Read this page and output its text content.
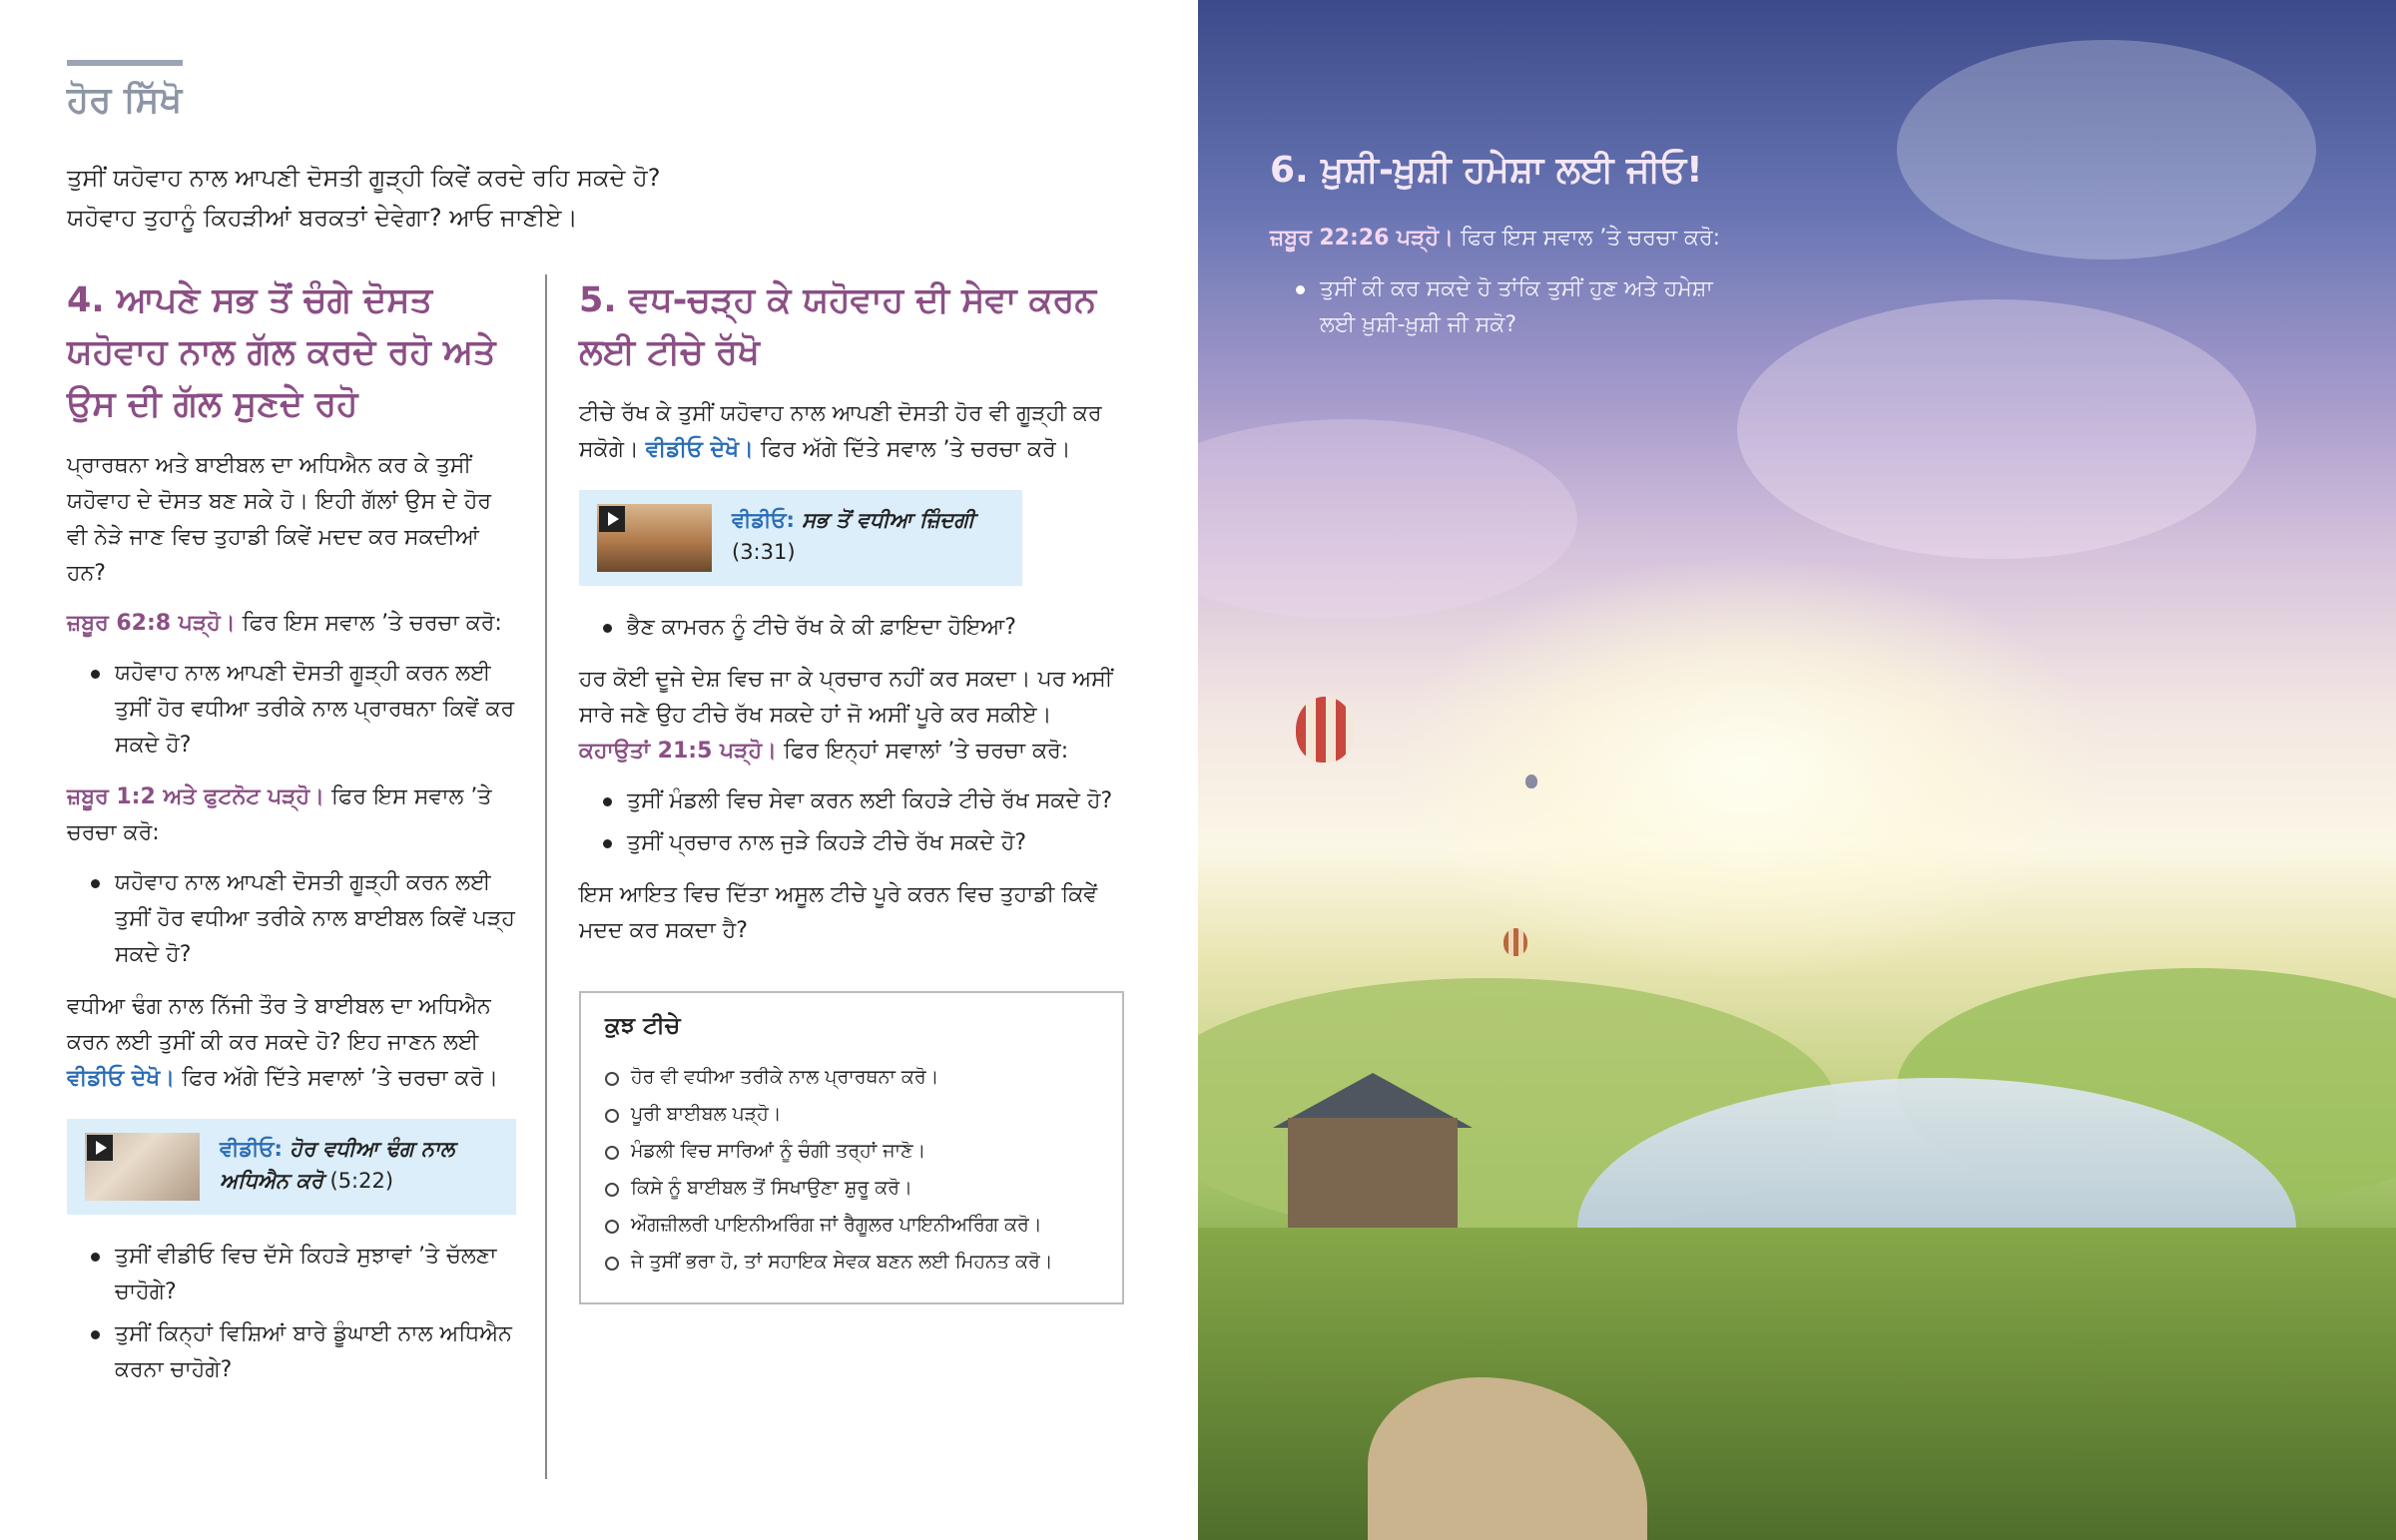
ਹੋਰ ਸਿੱਖੋ
ਤੁਸੀਂ ਯਹੋਵਾਹ ਨਾਲ ਆਪਣੀ ਦੋਸਤੀ ਗੂੜ੍ਹੀ ਕਿਵੇਂ ਕਰਦੇ ਰਹਿ ਸਕਦੇ ਹੋ?
ਯਹੋਵਾਹ ਤੁਹਾਨੂੰ ਕਿਹੜੀਆਂ ਬਰਕਤਾਂ ਦੇਵੇਗਾ? ਆਓ ਜਾਣੀਏ।
4. ਆਪਣੇ ਸਭ ਤੋਂ ਚੰਗੇ ਦੋਸਤ ਯਹੋਵਾਹ ਨਾਲ ਗੱਲ ਕਰਦੇ ਰਹੋ ਅਤੇ ਉਸ ਦੀ ਗੱਲ ਸੁਣਦੇ ਰਹੋ

ਪ੍ਰਾਰਥਨਾ ਅਤੇ ਬਾਈਬਲ ਦਾ ਅਧਿਐਨ ਕਰ ਕੇ ਤੁਸੀਂ ਯਹੋਵਾਹ ਦੇ ਦੋਸਤ ਬਣ ਸਕੇ ਹੋ। ਇਹੀ ਗੱਲਾਂ ਉਸ ਦੇ ਹੋਰ ਵੀ ਨੇੜੇ ਜਾਣ ਵਿਚ ਤੁਹਾਡੀ ਕਿਵੇਂ ਮਦਦ ਕਰ ਸਕਦੀਆਂ ਹਨ?

ਜ਼ਬੂਰ 62:8 ਪੜ੍ਹੋ। ਫਿਰ ਇਸ ਸਵਾਲ ’ਤੇ ਚਰਚਾ ਕਰੋ:

ਯਹੋਵਾਹ ਨਾਲ ਆਪਣੀ ਦੋਸਤੀ ਗੂੜ੍ਹੀ ਕਰਨ ਲਈ ਤੁਸੀਂ ਹੋਰ ਵਧੀਆ ਤਰੀਕੇ ਨਾਲ ਪ੍ਰਾਰਥਨਾ ਕਿਵੇਂ ਕਰ ਸਕਦੇ ਹੋ?

ਜ਼ਬੂਰ 1:2 ਅਤੇ ਫੁਟਨੋਟ ਪੜ੍ਹੋ। ਫਿਰ ਇਸ ਸਵਾਲ ’ਤੇ ਚਰਚਾ ਕਰੋ:

ਯਹੋਵਾਹ ਨਾਲ ਆਪਣੀ ਦੋਸਤੀ ਗੂੜ੍ਹੀ ਕਰਨ ਲਈ ਤੁਸੀਂ ਹੋਰ ਵਧੀਆ ਤਰੀਕੇ ਨਾਲ ਬਾਈਬਲ ਕਿਵੇਂ ਪੜ੍ਹ ਸਕਦੇ ਹੋ?

ਵਧੀਆ ਢੰਗ ਨਾਲ ਨਿੱਜੀ ਤੌਰ ਤੇ ਬਾਈਬਲ ਦਾ ਅਧਿਐਨ ਕਰਨ ਲਈ ਤੁਸੀਂ ਕੀ ਕਰ ਸਕਦੇ ਹੋ? ਇਹ ਜਾਣਨ ਲਈ ਵੀਡੀਓ ਦੇਖੋ। ਫਿਰ ਅੱਗੇ ਦਿੱਤੇ ਸਵਾਲਾਂ ’ਤੇ ਚਰਚਾ ਕਰੋ।

ਵੀਡੀਓ: ਹੋਰ ਵਧੀਆ ਢੰਗ ਨਾਲ ਅਧਿਐਨ ਕਰੋ (5:22)
ਤੁਸੀਂ ਵੀਡੀਓ ਵਿਚ ਦੱਸੇ ਕਿਹੜੇ ਸੁਝਾਵਾਂ ’ਤੇ ਚੱਲਣਾ ਚਾਹੋਗੇ?
ਤੁਸੀਂ ਕਿਨ੍ਹਾਂ ਵਿਸ਼ਿਆਂ ਬਾਰੇ ਡੂੰਘਾਈ ਨਾਲ ਅਧਿਐਨ ਕਰਨਾ ਚਾਹੋਗੇ?
5. ਵਧ-ਚੜ੍ਹ ਕੇ ਯਹੋਵਾਹ ਦੀ ਸੇਵਾ ਕਰਨ ਲਈ ਟੀਚੇ ਰੱਖੋ

ਟੀਚੇ ਰੱਖ ਕੇ ਤੁਸੀਂ ਯਹੋਵਾਹ ਨਾਲ ਆਪਣੀ ਦੋਸਤੀ ਹੋਰ ਵੀ ਗੂੜ੍ਹੀ ਕਰ ਸਕੋਗੇ। ਵੀਡੀਓ ਦੇਖੋ। ਫਿਰ ਅੱਗੇ ਦਿੱਤੇ ਸਵਾਲ ’ਤੇ ਚਰਚਾ ਕਰੋ।

ਵੀਡੀਓ: ਸਭ ਤੋਂ ਵਧੀਆ ਜ਼ਿੰਦਗੀ
(3:31)
ਭੈਣ ਕਾਮਰਨ ਨੂੰ ਟੀਚੇ ਰੱਖ ਕੇ ਕੀ ਫ਼ਾਇਦਾ ਹੋਇਆ?

ਹਰ ਕੋਈ ਦੂਜੇ ਦੇਸ਼ ਵਿਚ ਜਾ ਕੇ ਪ੍ਰਚਾਰ ਨਹੀਂ ਕਰ ਸਕਦਾ। ਪਰ ਅਸੀਂ ਸਾਰੇ ਜਣੇ ਉਹ ਟੀਚੇ ਰੱਖ ਸਕਦੇ ਹਾਂ ਜੋ ਅਸੀਂ ਪੂਰੇ ਕਰ ਸਕੀਏ।

ਕਹਾਉਤਾਂ 21:5 ਪੜ੍ਹੋ। ਫਿਰ ਇਨ੍ਹਾਂ ਸਵਾਲਾਂ ’ਤੇ ਚਰਚਾ ਕਰੋ:

ਤੁਸੀਂ ਮੰਡਲੀ ਵਿਚ ਸੇਵਾ ਕਰਨ ਲਈ ਕਿਹੜੇ ਟੀਚੇ ਰੱਖ ਸਕਦੇ ਹੋ?
ਤੁਸੀਂ ਪ੍ਰਚਾਰ ਨਾਲ ਜੁੜੇ ਕਿਹੜੇ ਟੀਚੇ ਰੱਖ ਸਕਦੇ ਹੋ?

ਇਸ ਆਇਤ ਵਿਚ ਦਿੱਤਾ ਅਸੂਲ ਟੀਚੇ ਪੂਰੇ ਕਰਨ ਵਿਚ ਤੁਹਾਡੀ ਕਿਵੇਂ ਮਦਦ ਕਰ ਸਕਦਾ ਹੈ?

ਕੁਝ ਟੀਚੇ
ਹੋਰ ਵੀ ਵਧੀਆ ਤਰੀਕੇ ਨਾਲ ਪ੍ਰਾਰਥਨਾ ਕਰੋ।
ਪੂਰੀ ਬਾਈਬਲ ਪੜ੍ਹੋ।
ਮੰਡਲੀ ਵਿਚ ਸਾਰਿਆਂ ਨੂੰ ਚੰਗੀ ਤਰ੍ਹਾਂ ਜਾਣੋ।
ਕਿਸੇ ਨੂੰ ਬਾਈਬਲ ਤੋਂ ਸਿਖਾਉਣਾ ਸ਼ੁਰੂ ਕਰੋ।
ਔਗਜ਼ੀਲਰੀ ਪਾਇਨੀਅਰਿੰਗ ਜਾਂ ਰੈਗੂਲਰ ਪਾਇਨੀਅਰਿੰਗ ਕਰੋ।
ਜੇ ਤੁਸੀਂ ਭਰਾ ਹੋ, ਤਾਂ ਸਹਾਇਕ ਸੇਵਕ ਬਣਨ ਲਈ ਮਿਹਨਤ ਕਰੋ।
6. ਖ਼ੁਸ਼ੀ-ਖ਼ੁਸ਼ੀ ਹਮੇਸ਼ਾ ਲਈ ਜੀਓ!
ਜ਼ਬੂਰ 22:26 ਪੜ੍ਹੋ। ਫਿਰ ਇਸ ਸਵਾਲ ’ਤੇ ਚਰਚਾ ਕਰੋ:
ਤੁਸੀਂ ਕੀ ਕਰ ਸਕਦੇ ਹੋ ਤਾਂਕਿ ਤੁਸੀਂ ਹੁਣ ਅਤੇ ਹਮੇਸ਼ਾ ਲਈ ਖ਼ੁਸ਼ੀ-ਖ਼ੁਸ਼ੀ ਜੀ ਸਕੋ?
